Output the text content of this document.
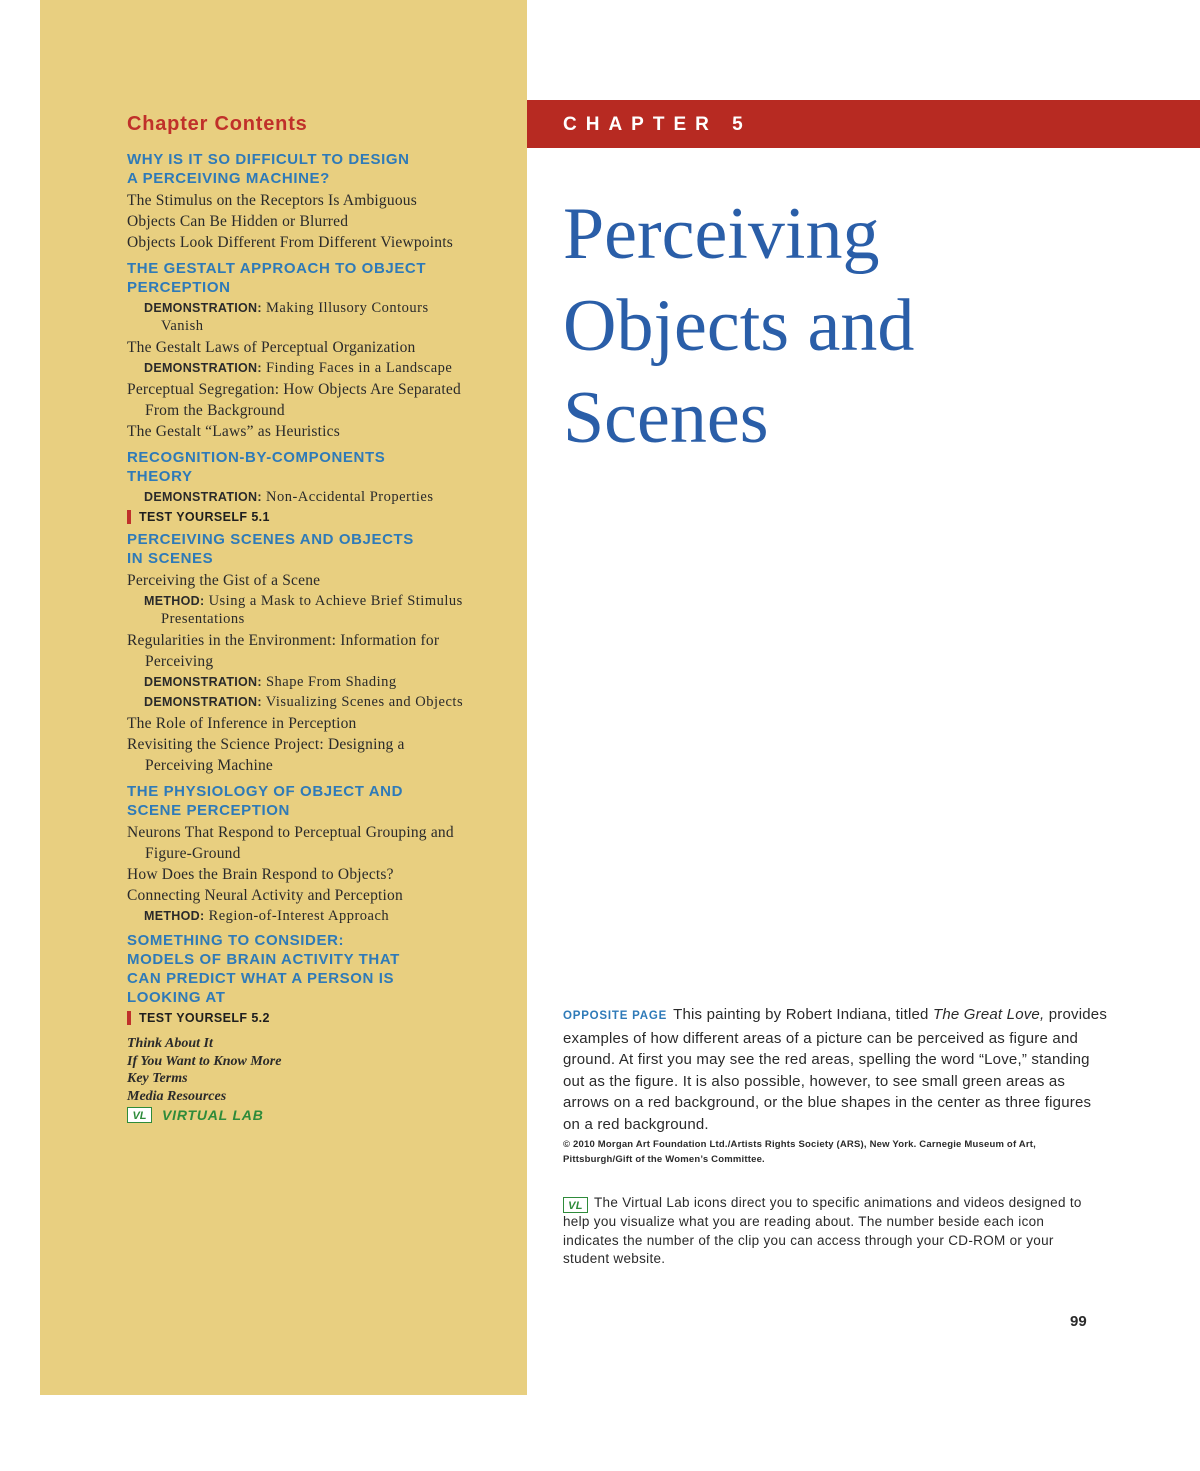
Chapter Contents
WHY IS IT SO DIFFICULT TO DESIGN
A PERCEIVING MACHINE?
The Stimulus on the Receptors Is Ambiguous
Objects Can Be Hidden or Blurred
Objects Look Different From Different Viewpoints
THE GESTALT APPROACH TO OBJECT
PERCEPTION
DEMONSTRATION: Making Illusory Contours Vanish
The Gestalt Laws of Perceptual Organization
DEMONSTRATION: Finding Faces in a Landscape
Perceptual Segregation: How Objects Are Separated From the Background
The Gestalt “Laws” as Heuristics
RECOGNITION-BY-COMPONENTS
THEORY
DEMONSTRATION: Non-Accidental Properties
TEST YOURSELF 5.1
PERCEIVING SCENES AND OBJECTS
IN SCENES
Perceiving the Gist of a Scene
METHOD: Using a Mask to Achieve Brief Stimulus Presentations
Regularities in the Environment: Information for Perceiving
DEMONSTRATION: Shape From Shading
DEMONSTRATION: Visualizing Scenes and Objects
The Role of Inference in Perception
Revisiting the Science Project: Designing a Perceiving Machine
THE PHYSIOLOGY OF OBJECT AND
SCENE PERCEPTION
Neurons That Respond to Perceptual Grouping and Figure-Ground
How Does the Brain Respond to Objects?
Connecting Neural Activity and Perception
METHOD: Region-of-Interest Approach
SOMETHING TO CONSIDER:
MODELS OF BRAIN ACTIVITY THAT
CAN PREDICT WHAT A PERSON IS
LOOKING AT
TEST YOURSELF 5.2
Think About It
If You Want to Know More
Key Terms
Media Resources
VL	VIRTUAL LAB
CHAPTER 5
Perceiving
Objects and
Scenes
OPPOSITE PAGE This painting by Robert Indiana, titled The Great Love, provides examples of how different areas of a picture can be perceived as figure and ground. At first you may see the red areas, spelling the word “Love,” standing out as the figure. It is also possible, however, to see small green areas as arrows on a red background, or the blue shapes in the center as three figures on a red background.
© 2010 Morgan Art Foundation Ltd./Artists Rights Society (ARS), New York. Carnegie Museum of Art, Pittsburgh/Gift of the Women’s Committee.
VL The Virtual Lab icons direct you to specific animations and videos designed to help you visualize what you are reading about. The number beside each icon indicates the number of the clip you can access through your CD-ROM or your student website.
99
